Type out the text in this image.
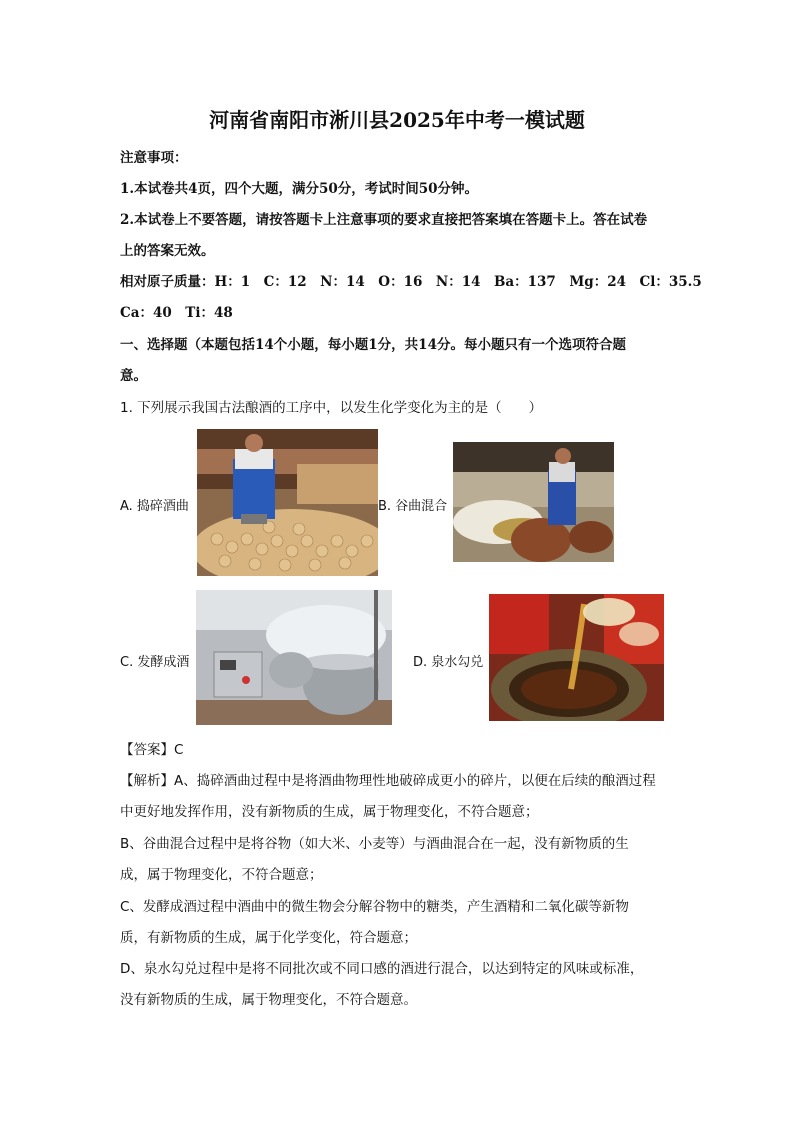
河南省南阳市淅川县2025年中考一模试题
注意事项：
1.本试卷共4页，四个大题，满分50分，考试时间50分钟。
2.本试卷上不要答题，请按答题卡上注意事项的要求直接把答案填在答题卡上。答在试卷
上的答案无效。
相对原子质量：H：1　C：12　N：14　O：16　N：14　Ba：137　Mg：24　Cl：35.5
Ca：40　Ti：48
一、选择题（本题包括14个小题，每小题1分，共14分。每小题只有一个选项符合题
意。
1. 下列展示我国古法酿酒的工序中，以发生化学变化为主的是（　　）
A. 捣碎酒曲	B. 谷曲混合
C. 发酵成酒	D. 泉水勾兑
【答案】C
【解析】A、捣碎酒曲过程中是将酒曲物理性地破碎成更小的碎片，以便在后续的酿酒过程
中更好地发挥作用，没有新物质的生成，属于物理变化，不符合题意；
B、谷曲混合过程中是将谷物（如大米、小麦等）与酒曲混合在一起，没有新物质的生
成，属于物理变化，不符合题意；
C、发酵成酒过程中酒曲中的微生物会分解谷物中的糖类，产生酒精和二氧化碳等新物
质，有新物质的生成，属于化学变化，符合题意；
D、泉水勾兑过程中是将不同批次或不同口感的酒进行混合，以达到特定的风味或标准，
没有新物质的生成，属于物理变化，不符合题意。
